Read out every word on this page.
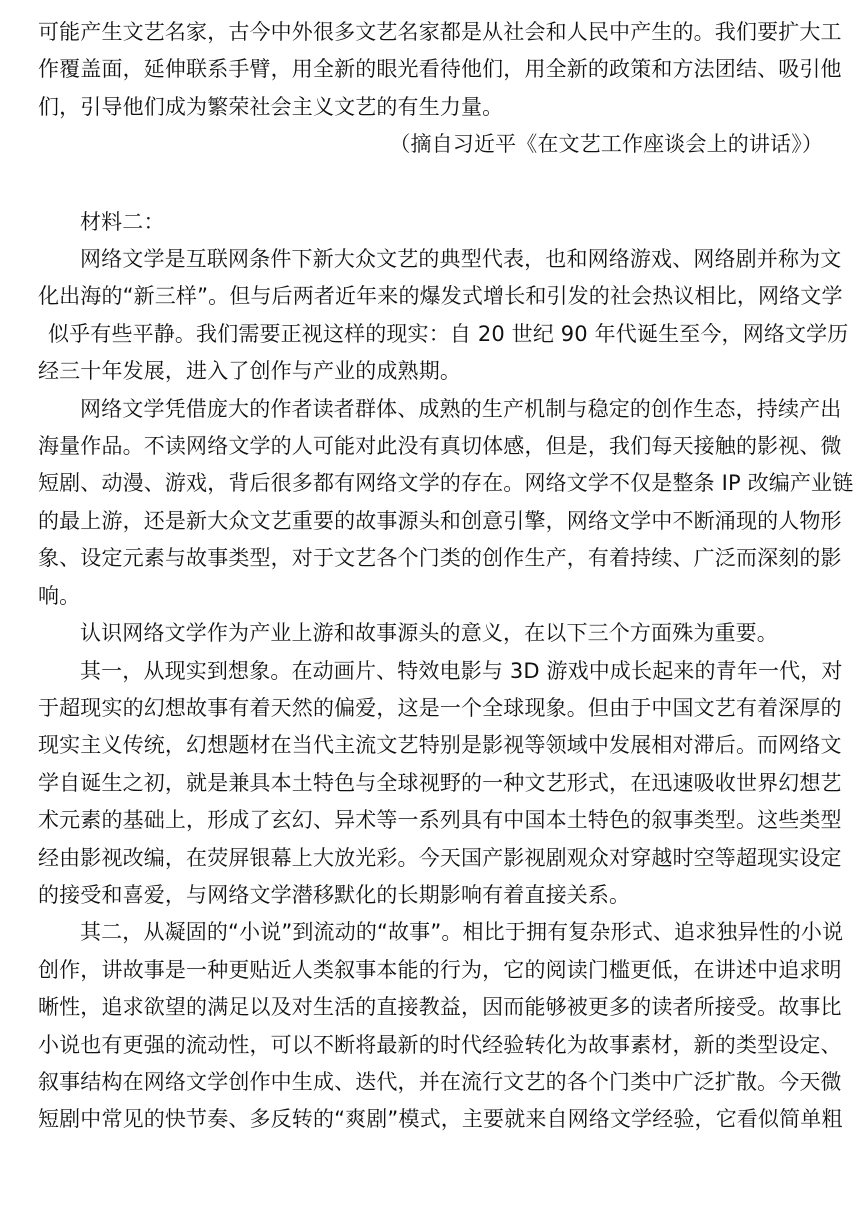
可能产生文艺名家，古今中外很多文艺名家都是从社会和人民中产生的。我们要扩大工

作覆盖面，延伸联系手臂，用全新的眼光看待他们，用全新的政策和方法团结、吸引他

们，引导他们成为繁荣社会主义文艺的有生力量。

（摘自习近平《在文艺工作座谈会上的讲话》）

材料二：

网络文学是互联网条件下新大众文艺的典型代表，也和网络游戏、网络剧并称为文

化出海的“新三样”。但与后两者近年来的爆发式增长和引发的社会热议相比，网络文学

似乎有些平静。我们需要正视这样的现实：自 20 世纪 90 年代诞生至今，网络文学历

经三十年发展，进入了创作与产业的成熟期。

网络文学凭借庞大的作者读者群体、成熟的生产机制与稳定的创作生态，持续产出

海量作品。不读网络文学的人可能对此没有真切体感，但是，我们每天接触的影视、微

短剧、动漫、游戏，背后很多都有网络文学的存在。网络文学不仅是整条 IP 改编产业链

的最上游，还是新大众文艺重要的故事源头和创意引擎，网络文学中不断涌现的人物形

象、设定元素与故事类型，对于文艺各个门类的创作生产，有着持续、广泛而深刻的影

响。

认识网络文学作为产业上游和故事源头的意义，在以下三个方面殊为重要。

其一，从现实到想象。在动画片、特效电影与 3D 游戏中成长起来的青年一代，对

于超现实的幻想故事有着天然的偏爱，这是一个全球现象。但由于中国文艺有着深厚的

现实主义传统，幻想题材在当代主流文艺特别是影视等领域中发展相对滞后。而网络文

学自诞生之初，就是兼具本土特色与全球视野的一种文艺形式，在迅速吸收世界幻想艺

术元素的基础上，形成了玄幻、异术等一系列具有中国本土特色的叙事类型。这些类型

经由影视改编，在荧屏银幕上大放光彩。今天国产影视剧观众对穿越时空等超现实设定

的接受和喜爱，与网络文学潜移默化的长期影响有着直接关系。

其二，从凝固的“小说”到流动的“故事”。相比于拥有复杂形式、追求独异性的小说

创作，讲故事是一种更贴近人类叙事本能的行为，它的阅读门槛更低，在讲述中追求明

晰性，追求欲望的满足以及对生活的直接教益，因而能够被更多的读者所接受。故事比

小说也有更强的流动性，可以不断将最新的时代经验转化为故事素材，新的类型设定、

叙事结构在网络文学创作中生成、迭代，并在流行文艺的各个门类中广泛扩散。今天微

短剧中常见的快节奏、多反转的“爽剧”模式，主要就来自网络文学经验，它看似简单粗
